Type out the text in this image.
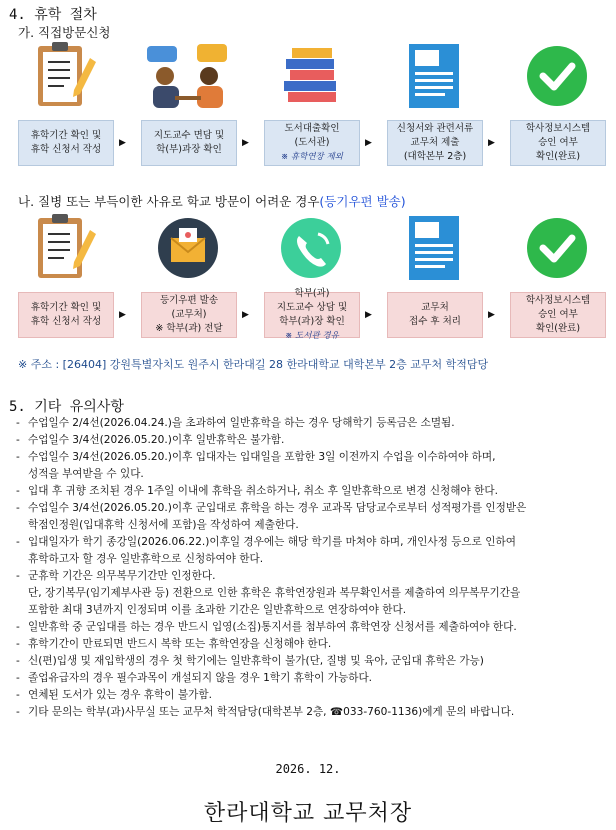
4. 휴학 절차
가. 직접방문신청
휴학기간 확인 및
휴학 신청서 작성
▶
지도교수 면담 및
학(부)과장 확인
▶
도서대출확인
(도서관)
※ 휴학연장 제외
▶
신청서와 관련서류
교무처 제출
(대학본부 2층)
▶
학사정보시스템
승인 여부
확인(완료)
나. 질병 또는 부득이한 사유로 학교 방문이 어려운 경우(등기우편 발송)
휴학기간 확인 및
휴학 신청서 작성
▶
등기우편 발송
(교무처)
※ 학부(과) 전달
▶
학부(과)
지도교수 상담 및
학부(과)장 확인
※ 도서관 경유
▶
교무처
접수 후 처리
▶
학사정보시스템
승인 여부
확인(완료)
※ 주소 : [26404] 강원특별자치도 원주시 한라대길 28 한라대학교 대학본부 2층 교무처 학적담당
5. 기타 유의사항
- 수업일수 2/4선(2026.04.24.)을 초과하여 일반휴학을 하는 경우 당해학기 등록금은 소멸됨.
- 수업일수 3/4선(2026.05.20.)이후 일반휴학은 불가함.
- 수업일수 3/4선(2026.05.20.)이후 입대자는 입대일을 포함한 3일 이전까지 수업을 이수하여야 하며,
성적을 부여받을 수 있다.
- 입대 후 귀향 조치된 경우 1주일 이내에 휴학을 취소하거나, 취소 후 일반휴학으로 변경 신청해야 한다.
- 수업일수 3/4선(2026.05.20.)이후 군입대로 휴학을 하는 경우 교과목 담당교수로부터 성적평가를 인정받은
학점인정원(입대휴학 신청서에 포함)을 작성하여 제출한다.
- 입대일자가 학기 종강일(2026.06.22.)이후일 경우에는 해당 학기를 마쳐야 하며, 개인사정 등으로 인하여
휴학하고자 할 경우 일반휴학으로 신청하여야 한다.
- 군휴학 기간은 의무복무기간만 인정한다.
단, 장기복무(임기제부사관 등) 전환으로 인한 휴학은 휴학연장원과 복무확인서를 제출하여 의무복무기간을
포함한 최대 3년까지 인정되며 이를 초과한 기간은 일반휴학으로 연장하여야 한다.
- 일반휴학 중 군입대를 하는 경우 반드시 입영(소집)통지서를 첨부하여 휴학연장 신청서를 제출하여야 한다.
- 휴학기간이 만료되면 반드시 복학 또는 휴학연장을 신청해야 한다.
- 신(편)입생 및 재입학생의 경우 첫 학기에는 일반휴학이 불가(단, 질병 및 육아, 군입대 휴학은 가능)
- 졸업유급자의 경우 필수과목이 개설되지 않을 경우 1학기 휴학이 가능하다.
- 연체된 도서가 있는 경우 휴학이 불가함.
- 기타 문의는 학부(과)사무실 또는 교무처 학적담당(대학본부 2층, ☎033-760-1136)에게 문의 바랍니다.
2026. 12.
한라대학교 교무처장
